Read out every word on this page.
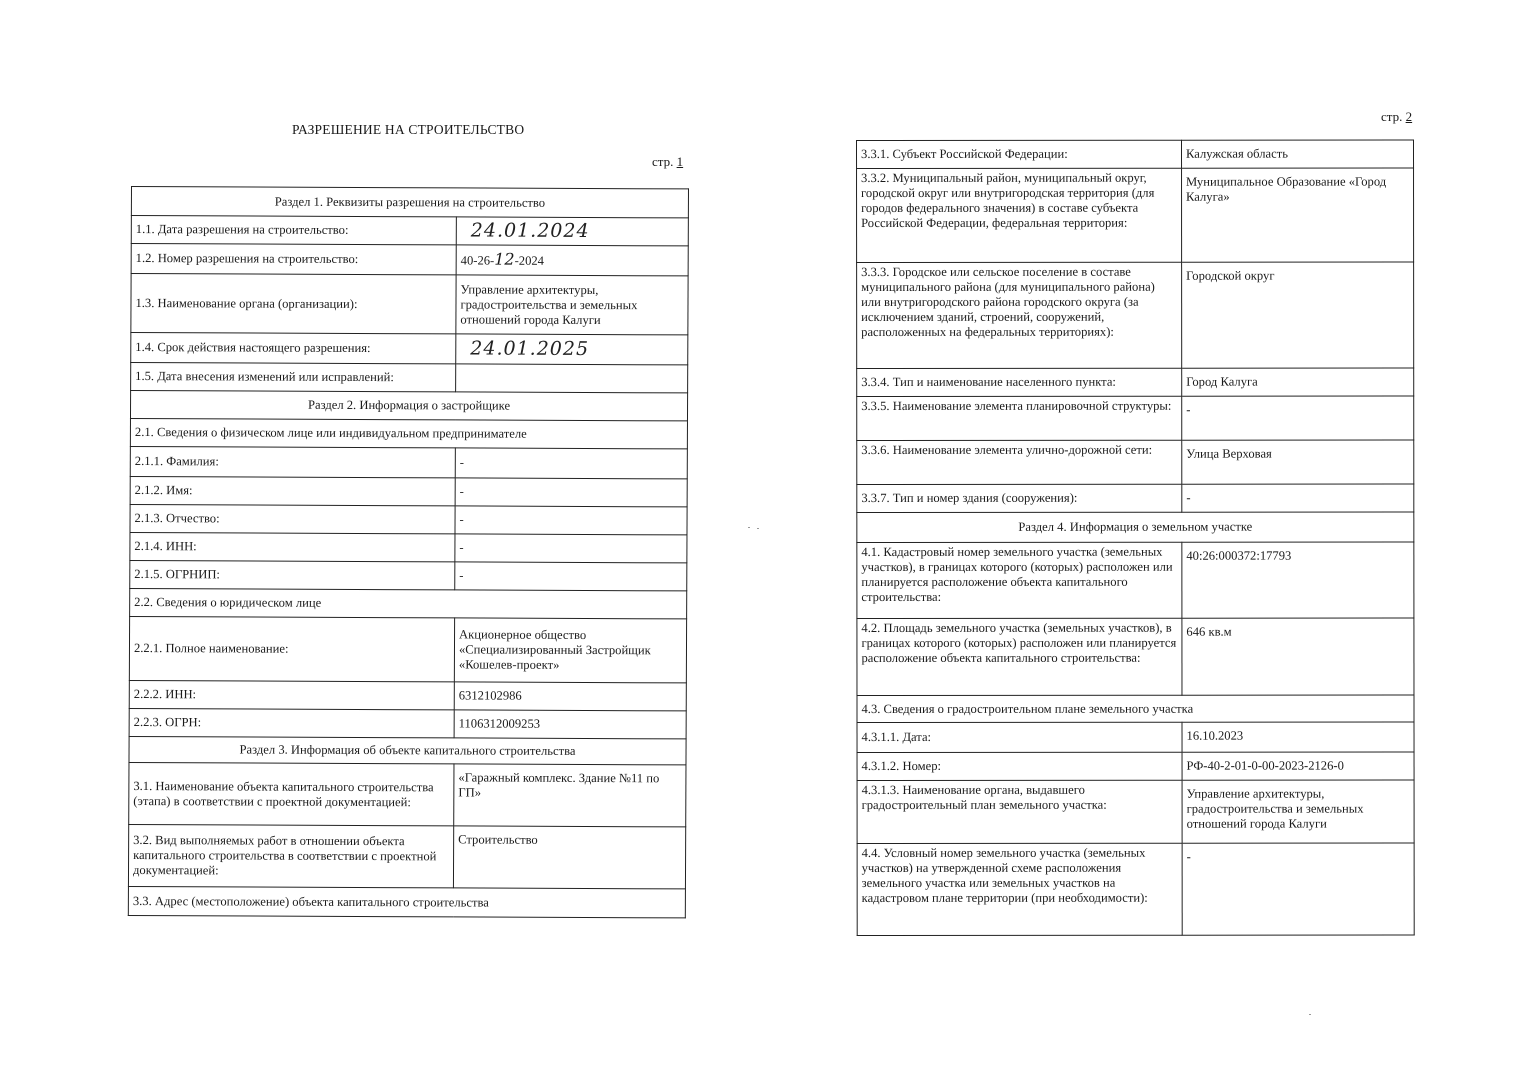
РАЗРЕШЕНИЕ НА СТРОИТЕЛЬСТВО
стр. 1
Раздел 1. Реквизиты разрешения на строительство	
1.1. Дата разрешения на строительство:	24.01.2024
1.2. Номер разрешения на строительство:	40-26-12-2024
1.3. Наименование органа (организации):	Управление архитектуры, градостроительства и земельных отношений города Калуги
1.4. Срок действия настоящего разрешения:	24.01.2025
1.5. Дата внесения изменений или исправлений:	
Раздел 2. Информация о застройщике	
2.1. Сведения о физическом лице или индивидуальном предпринимателе	
2.1.1. Фамилия:	-
2.1.2. Имя:	-
2.1.3. Отчество:	-
2.1.4. ИНН:	-
2.1.5. ОГРНИП:	-
2.2. Сведения о юридическом лице	
2.2.1. Полное наименование:	Акционерное общество «Специализированный Застройщик «Кошелев-проект»
2.2.2. ИНН:	6312102986
2.2.3. ОГРН:	1106312009253
Раздел 3. Информация об объекте капитального строительства	
3.1. Наименование объекта капитального строительства (этапа) в соответствии с проектной документацией:	«Гаражный комплекс. Здание №11 по ГП»
3.2. Вид выполняемых работ в отношении объекта капитального строительства в соответствии с проектной документацией:	Строительство
3.3. Адрес (местоположение) объекта капитального строительства	
стр. 2
3.3.1. Субъект Российской Федерации:	Калужская область
3.3.2. Муниципальный район, муниципальный округ, городской округ или внутригородская территория (для городов федерального значения) в составе субъекта Российской Федерации, федеральная территория:	Муниципальное Образование «Город Калуга»
3.3.3. Городское или сельское поселение в составе муниципального района (для муниципального района) или внутригородского района городского округа (за исключением зданий, строений, сооружений, расположенных на федеральных территориях):	Городской округ
3.3.4. Тип и наименование населенного пункта:	Город Калуга
3.3.5. Наименование элемента планировочной структуры:	-
3.3.6. Наименование элемента улично-дорожной сети:	Улица Верховая
3.3.7. Тип и номер здания (сооружения):	-
Раздел 4. Информация о земельном участке	
4.1. Кадастровый номер земельного участка (земельных участков), в границах которого (которых) расположен или планируется расположение объекта капитального строительства:	40:26:000372:17793
4.2. Площадь земельного участка (земельных участков), в границах которого (которых) расположен или планируется расположение объекта капитального строительства:	646 кв.м
4.3. Сведения о градостроительном плане земельного участка	
4.3.1.1. Дата:	16.10.2023
4.3.1.2. Номер:	РФ-40-2-01-0-00-2023-2126-0
4.3.1.3. Наименование органа, выдавшего градостроительный план земельного участка:	Управление архитектуры, градостроительства и земельных отношений города Калуги
4.4. Условный номер земельного участка (земельных участков) на утвержденной схеме расположения земельного участка или земельных участков на кадастровом плане территории (при необходимости):	-
